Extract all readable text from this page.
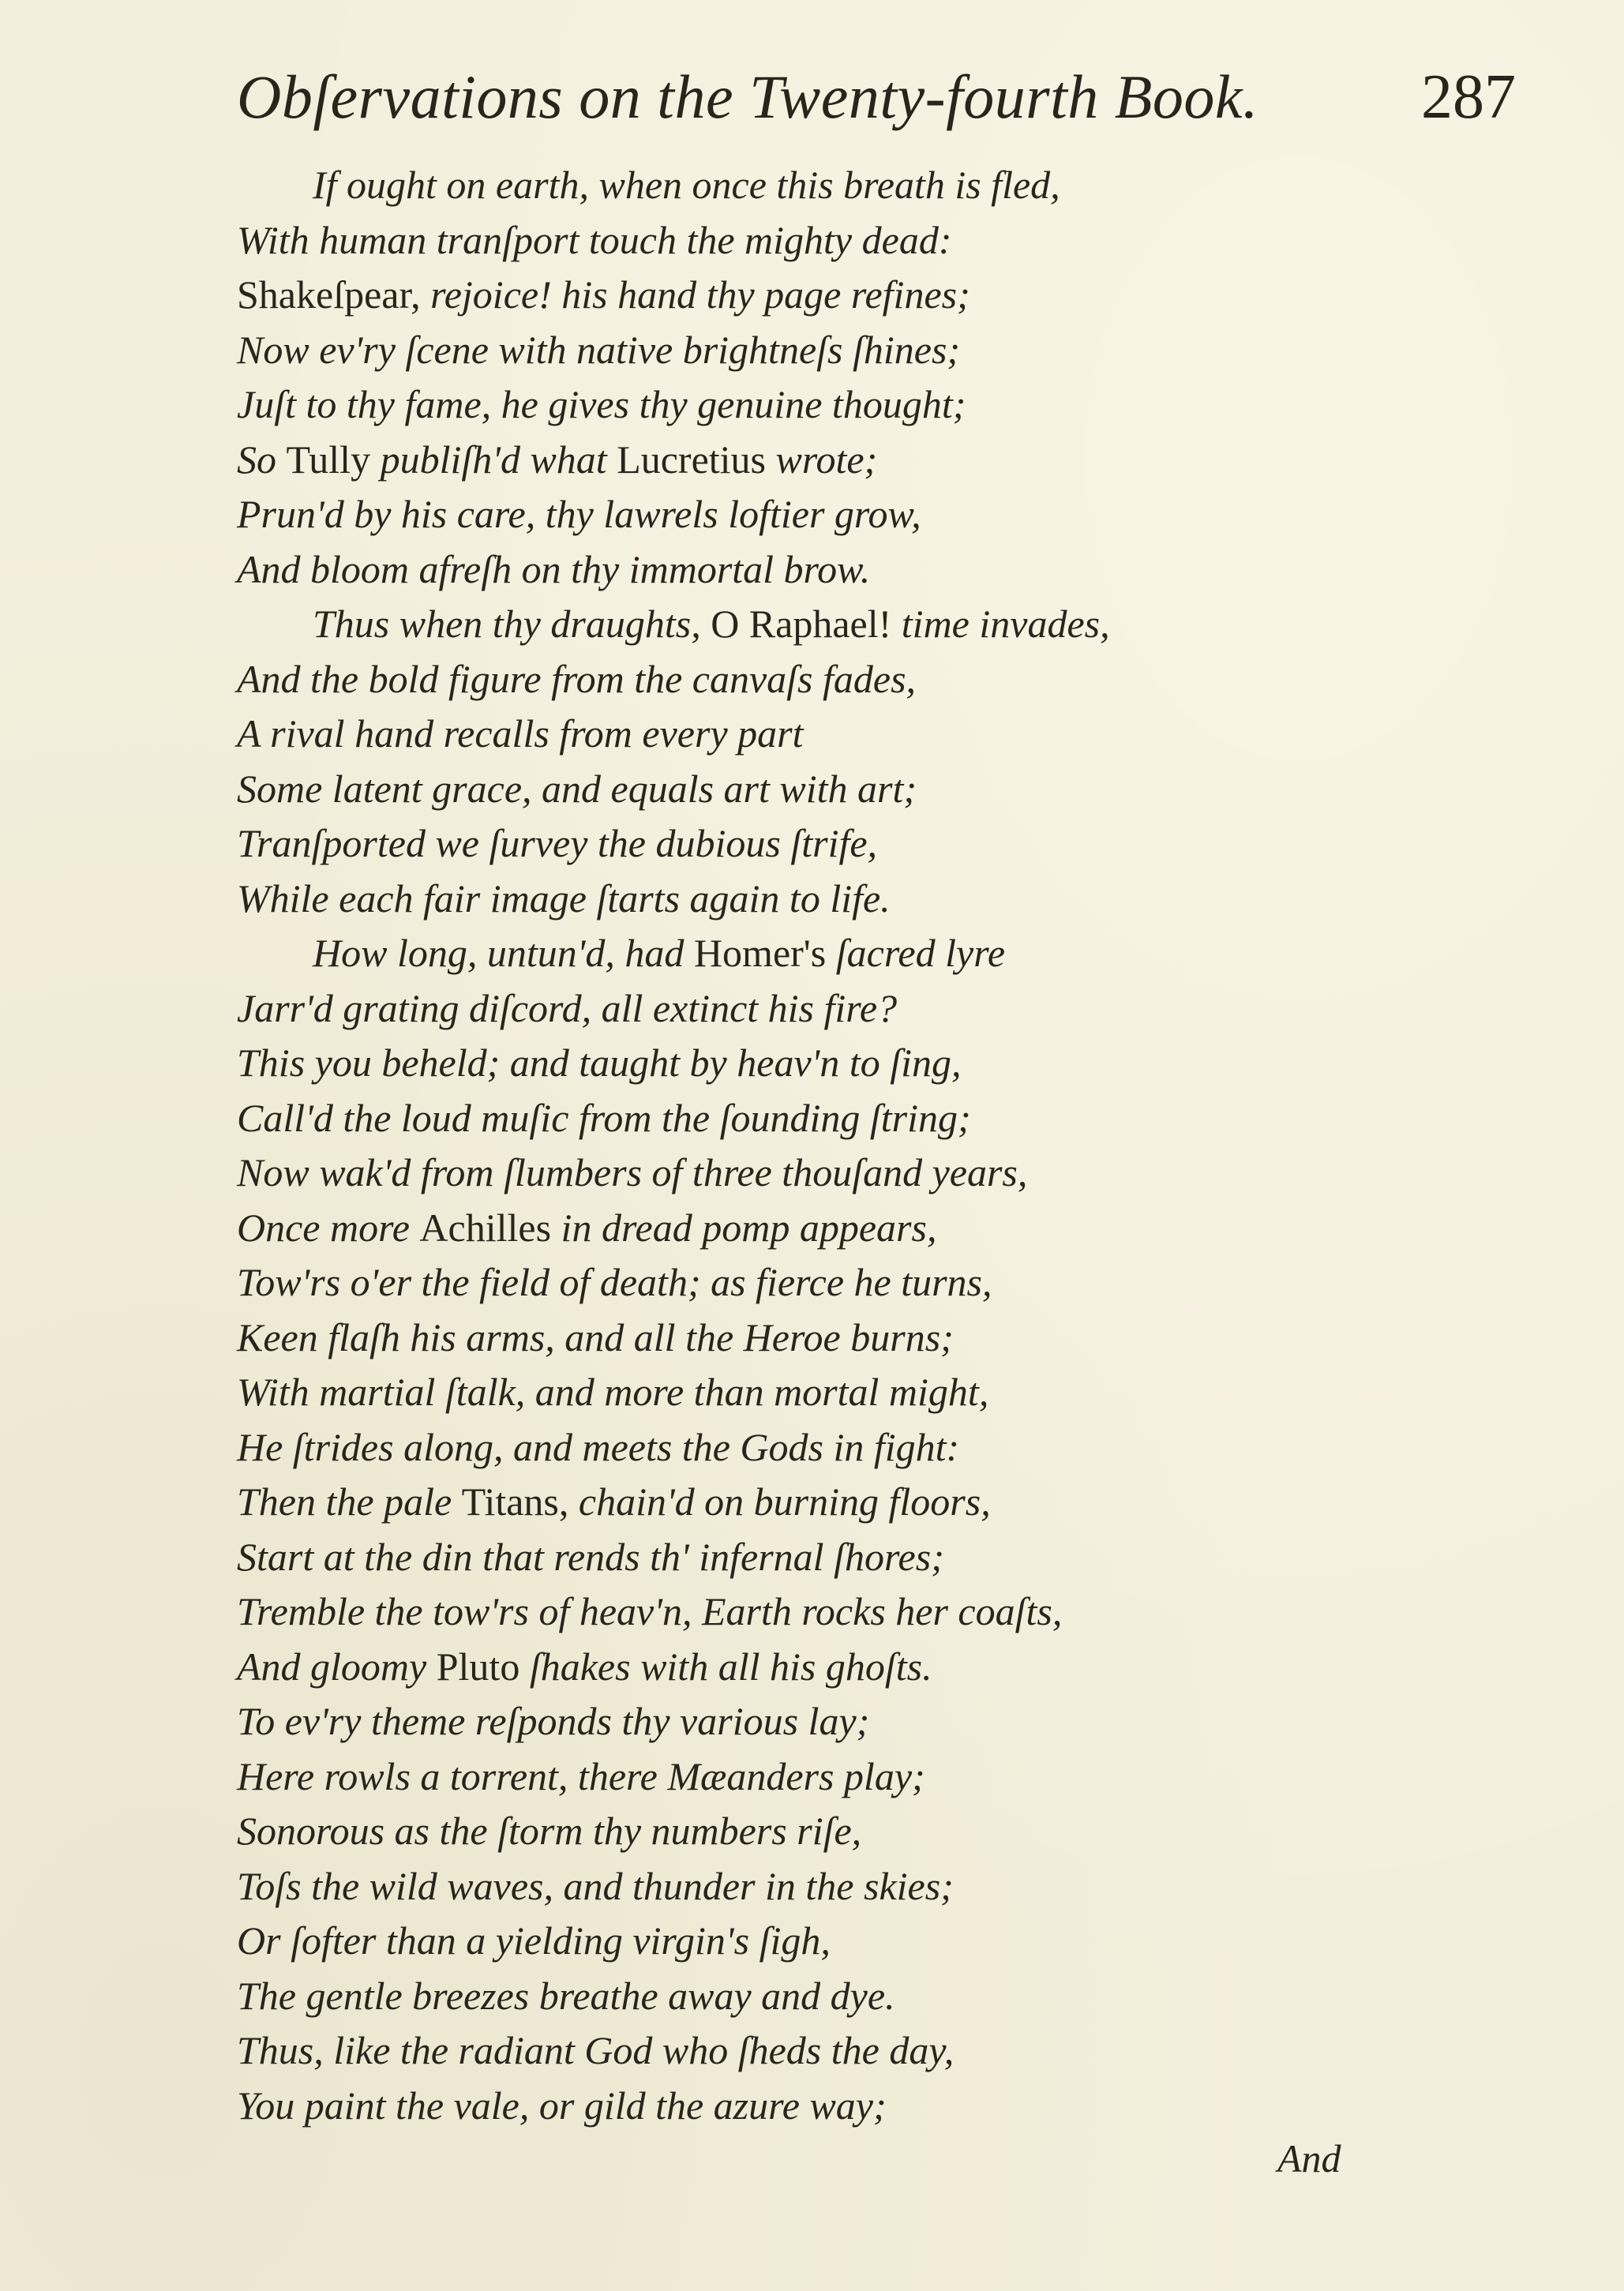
Obſervations on the Twenty-fourth Book.	287
If ought on earth, when once this breath is fled,
With human tranſport touch the mighty dead:
Shakeſpear, rejoice! his hand thy page refines;
Now ev'ry ſcene with native brightneſs ſhines;
Juſt to thy fame, he gives thy genuine thought;
So Tully publiſh'd what Lucretius wrote;
Prun'd by his care, thy lawrels loftier grow,
And bloom afreſh on thy immortal brow.
Thus when thy draughts, O Raphael! time invades,
And the bold figure from the canvaſs fades,
A rival hand recalls from every part
Some latent grace, and equals art with art;
Tranſported we ſurvey the dubious ſtrife,
While each fair image ſtarts again to life.
How long, untun'd, had Homer's ſacred lyre
Jarr'd grating diſcord, all extinct his fire?
This you beheld; and taught by heav'n to ſing,
Call'd the loud muſic from the ſounding ſtring;
Now wak'd from ſlumbers of three thouſand years,
Once more Achilles in dread pomp appears,
Tow'rs o'er the field of death; as fierce he turns,
Keen flaſh his arms, and all the Heroe burns;
With martial ſtalk, and more than mortal might,
He ſtrides along, and meets the Gods in fight:
Then the pale Titans, chain'd on burning floors,
Start at the din that rends th' infernal ſhores;
Tremble the tow'rs of heav'n, Earth rocks her coaſts,
And gloomy Pluto ſhakes with all his ghoſts.
To ev'ry theme reſponds thy various lay;
Here rowls a torrent, there Mæanders play;
Sonorous as the ſtorm thy numbers riſe,
Toſs the wild waves, and thunder in the skies;
Or ſofter than a yielding virgin's ſigh,
The gentle breezes breathe away and dye.
Thus, like the radiant God who ſheds the day,
You paint the vale, or gild the azure way;
And
